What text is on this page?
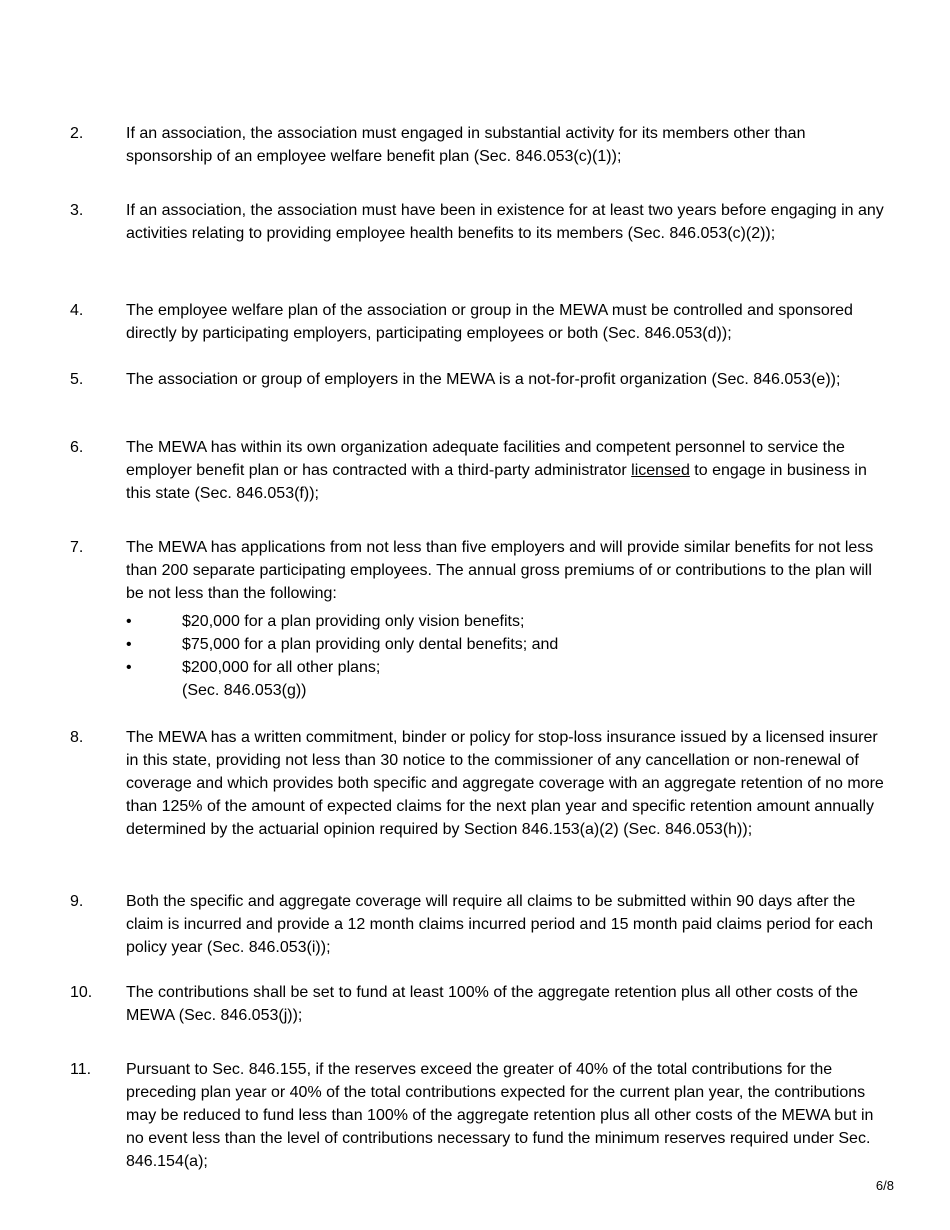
2.	If an association, the association must engaged in substantial activity for its members other than sponsorship of an employee welfare benefit plan (Sec. 846.053(c)(1));
3.	If an association, the association must have been in existence for at least two years before engaging in any activities relating to providing employee health benefits to its members (Sec. 846.053(c)(2));
4.	The employee welfare plan of the association or group in the MEWA must be controlled and sponsored directly by participating employers, participating employees or both (Sec. 846.053(d));
5.	The association or group of employers in the MEWA is a not-for-profit organization (Sec. 846.053(e));
6.	The MEWA has within its own organization adequate facilities and competent personnel to service the employer benefit plan or has contracted with a third-party administrator licensed to engage in business in this state (Sec. 846.053(f));
7.	The MEWA has applications from not less than five employers and will provide similar benefits for not less than 200 separate participating employees. The annual gross premiums of or contributions to the plan will be not less than the following:
•	$20,000 for a plan providing only vision benefits;
•	$75,000 for a plan providing only dental benefits; and
•	$200,000 for all other plans;
(Sec. 846.053(g))
8.	The MEWA has a written commitment, binder or policy for stop-loss insurance issued by a licensed insurer in this state, providing not less than 30 notice to the commissioner of any cancellation or non-renewal of coverage and which provides both specific and aggregate coverage with an aggregate retention of no more than 125% of the amount of expected claims for the next plan year and specific retention amount annually determined by the actuarial opinion required by Section 846.153(a)(2) (Sec. 846.053(h));
9.	Both the specific and aggregate coverage will require all claims to be submitted within 90 days after the claim is incurred and provide a 12 month claims incurred period and 15 month paid claims period for each policy year (Sec. 846.053(i));
10. The contributions shall be set to fund at least 100% of the aggregate retention plus all other costs of the MEWA (Sec. 846.053(j));
11. Pursuant to Sec. 846.155, if the reserves exceed the greater of 40% of the total contributions for the preceding plan year or 40% of the total contributions expected for the current plan year, the contributions may be reduced to fund less than 100% of the aggregate retention plus all other costs of the MEWA but in no event less than the level of contributions necessary to fund the minimum reserves required under Sec. 846.154(a);
6/8
